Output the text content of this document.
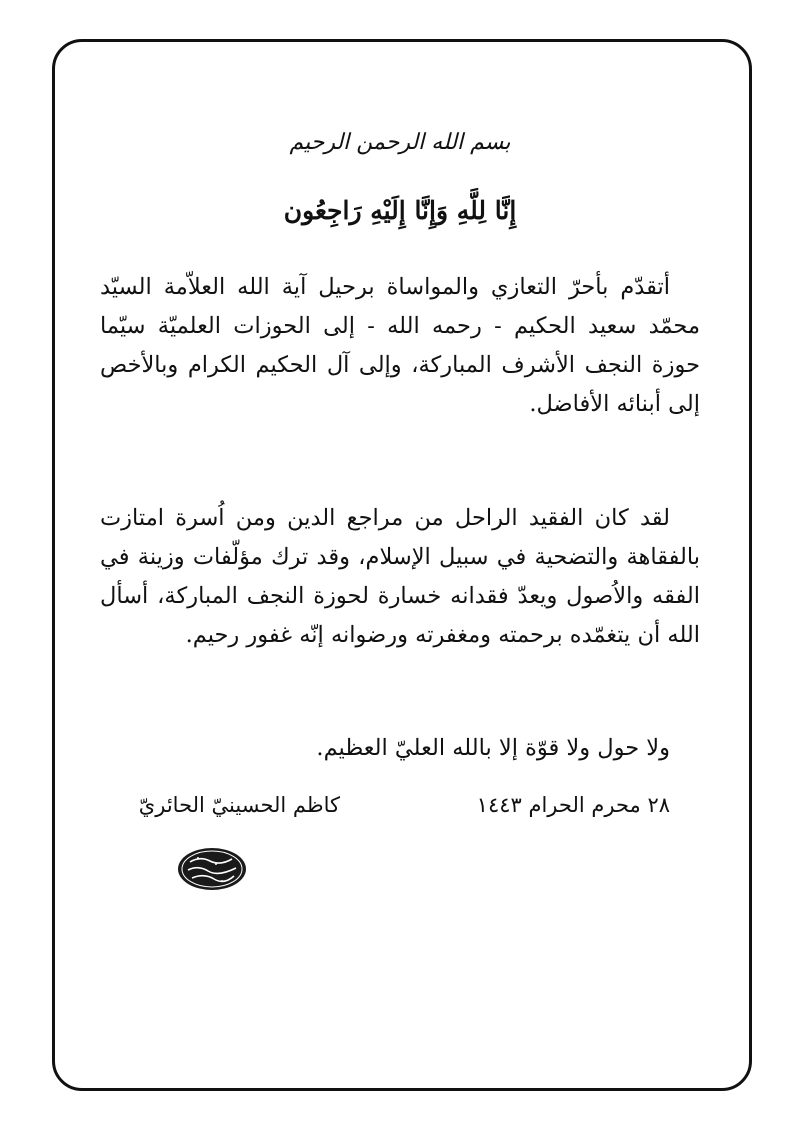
بسم الله الرحمن الرحيم
إِنَّا لِلَّهِ وَإِنَّا إِلَيْهِ رَاجِعُون

أتقدّم بأحرّ التعازي والمواساة برحيل آية الله العلاّمة السيّد محمّد سعيد الحكيم - رحمه الله - إلى الحوزات العلميّة سيّما حوزة النجف الأشرف المباركة، وإلى آل الحكيم الكرام وبالأخص إلى أبنائه الأفاضل.

لقد كان الفقيد الراحل من مراجع الدين ومن اُسرة امتازت بالفقاهة والتضحية في سبيل الإسلام، وقد ترك مؤلّفات وزينة في الفقه والاُصول ويعدّ فقدانه خسارة لحوزة النجف المباركة، أسأل الله أن يتغمّده برحمته ومغفرته ورضوانه إنّه غفور رحيم.

ولا حول ولا قوّة إلا بالله العليّ العظيم.
٢٨ محرم الحرام ١٤٤٣
كاظم الحسينيّ الحائريّ
